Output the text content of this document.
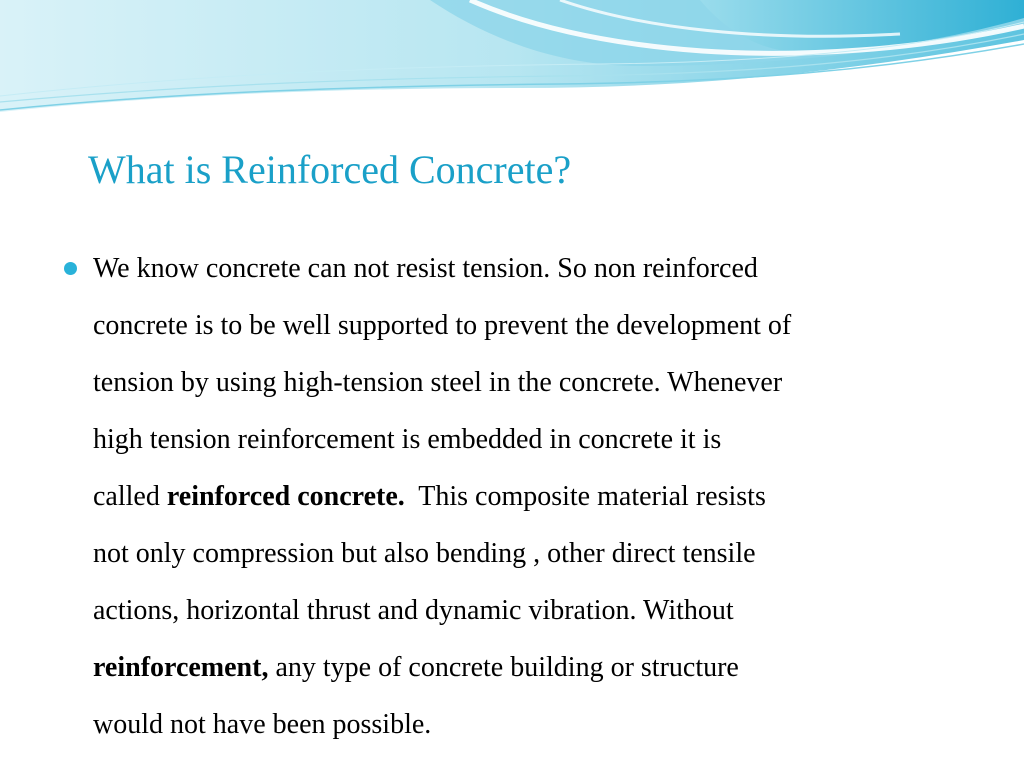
What is Reinforced Concrete?

We know concrete can not resist tension. So non reinforced
concrete is to be well supported to prevent the development of
tension by using high-tension steel in the concrete. Whenever
high tension reinforcement is embedded in concrete it is
called reinforced concrete.  This composite material resists
not only compression but also bending , other direct tensile
actions, horizontal thrust and dynamic vibration. Without
reinforcement, any type of concrete building or structure
would not have been possible.
